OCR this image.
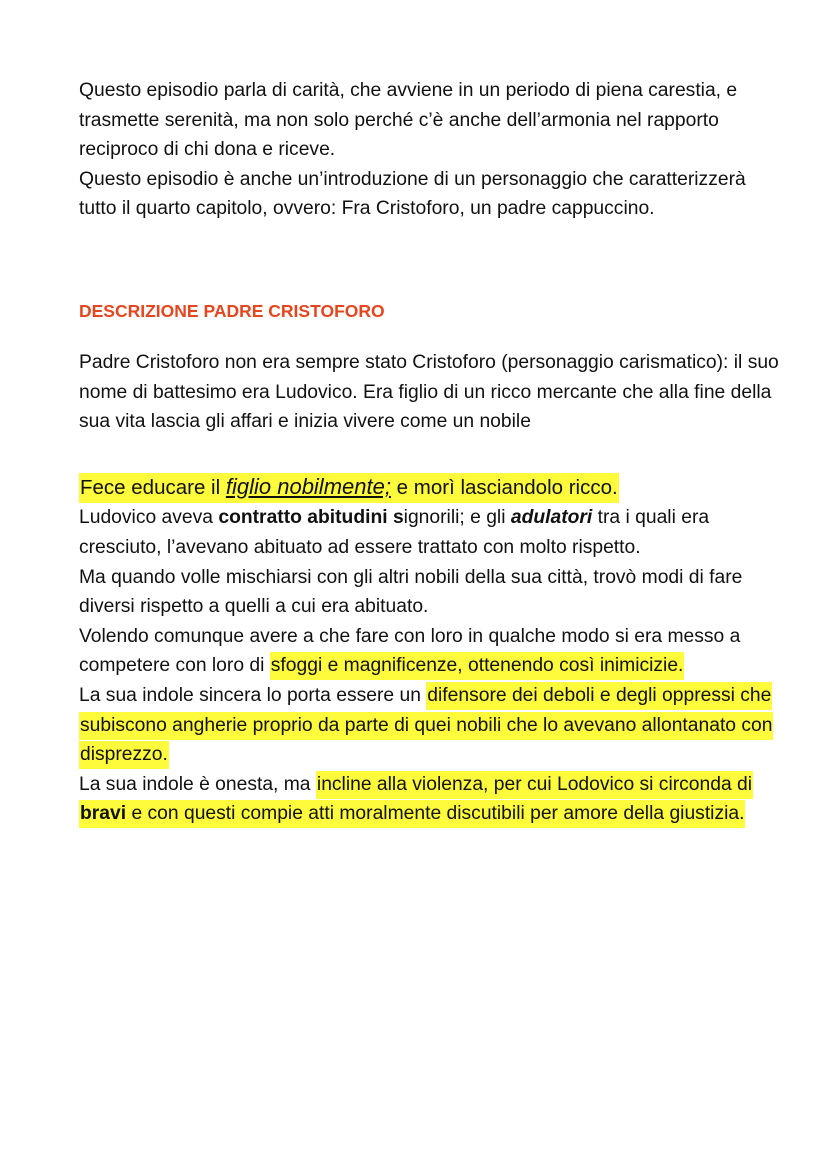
Questo episodio parla di carità, che avviene in un periodo di piena carestia, e trasmette serenità, ma non solo perché c’è anche dell’armonia nel rapporto reciproco di chi dona e riceve.
Questo episodio è anche un’introduzione di un personaggio che caratterizzerà tutto il quarto capitolo, ovvero: Fra Cristoforo, un padre cappuccino.

DESCRIZIONE PADRE CRISTOFORO

Padre Cristoforo non era sempre stato Cristoforo (personaggio carismatico): il suo nome di battesimo era Ludovico. Era figlio di un ricco mercante che alla fine della sua vita lascia gli affari e inizia vivere come un nobile

Fece educare il figlio nobilmente; e morì lasciandolo ricco.
Ludovico aveva contratto abitudini signorili; e gli adulatori tra i quali era cresciuto, l’avevano abituato ad essere trattato con molto rispetto.
Ma quando volle mischiarsi con gli altri nobili della sua città, trovò modi di fare diversi rispetto a quelli a cui era abituato.
Volendo comunque avere a che fare con loro in qualche modo si era messo a competere con loro di sfoggi e magnificenze, ottenendo così inimicizie.
La sua indole sincera lo porta essere un difensore dei deboli e degli oppressi che subiscono angherie proprio da parte di quei nobili che lo avevano allontanato con disprezzo.
La sua indole è onesta, ma incline alla violenza, per cui Lodovico si circonda di bravi e con questi compie atti moralmente discutibili per amore della giustizia.
